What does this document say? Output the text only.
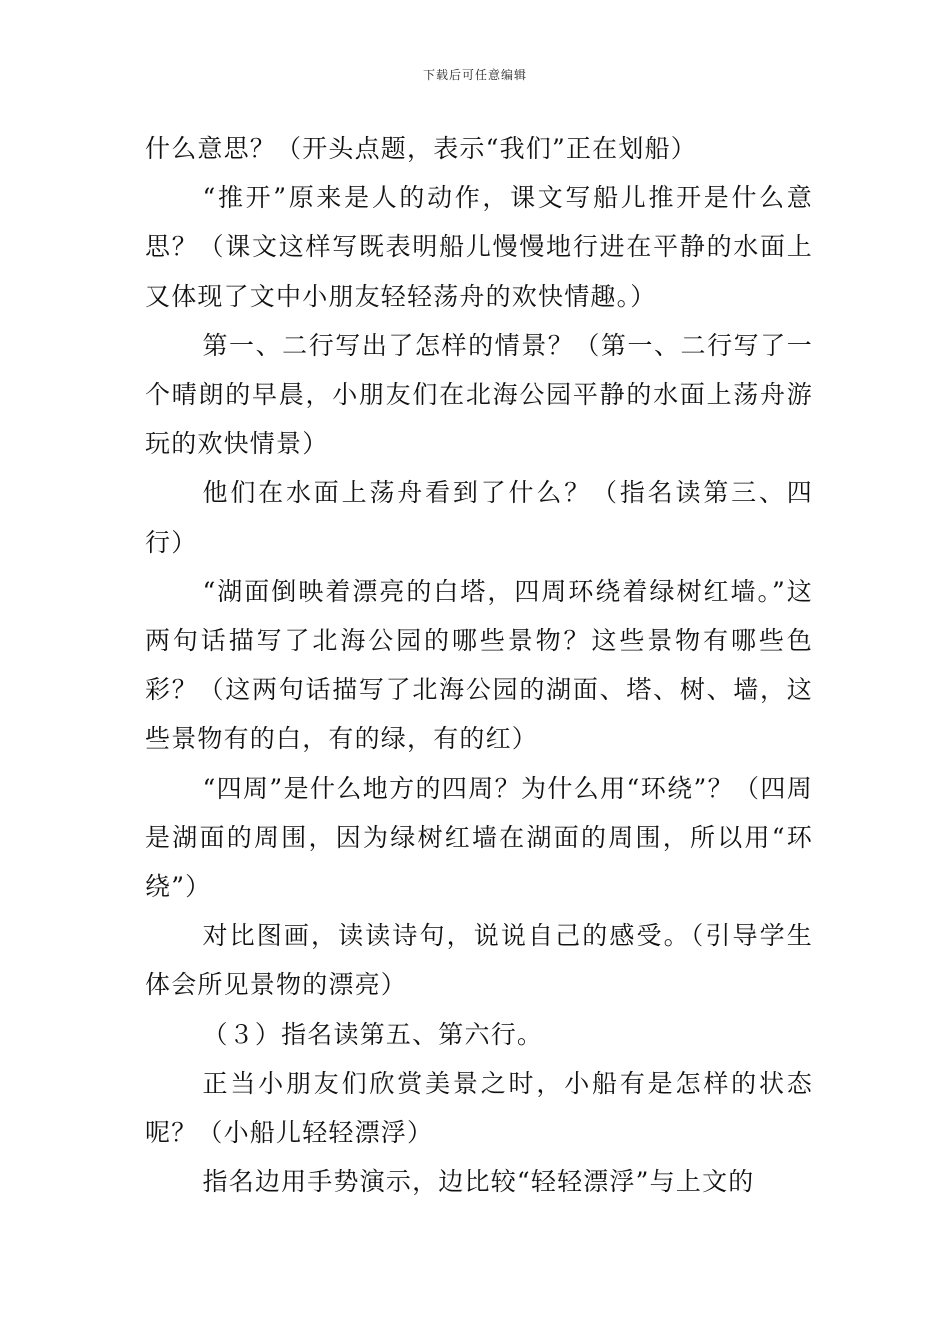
下载后可任意编辑

什么意思？（开头点题，表示“我们”正在划船）

“推开”原来是人的动作，课文写船儿推开是什么意思？（课文这样写既表明船儿慢慢地行进在平静的水面上又体现了文中小朋友轻轻荡舟的欢快情趣。）

第一、二行写出了怎样的情景？（第一、二行写了一个晴朗的早晨，小朋友们在北海公园平静的水面上荡舟游玩的欢快情景）

他们在水面上荡舟看到了什么？（指名读第三、四行）

“湖面倒映着漂亮的白塔，四周环绕着绿树红墙。”这两句话描写了北海公园的哪些景物？这些景物有哪些色彩？（这两句话描写了北海公园的湖面、塔、树、墙，这些景物有的白，有的绿，有的红）

“四周”是什么地方的四周？为什么用“环绕”？（四周是湖面的周围，因为绿树红墙在湖面的周围，所以用“环绕”）

对比图画，读读诗句，说说自己的感受。（引导学生体会所见景物的漂亮）

（３）指名读第五、第六行。

正当小朋友们欣赏美景之时，小船有是怎样的状态呢？（小船儿轻轻漂浮）

指名边用手势演示，边比较“轻轻漂浮”与上文的
